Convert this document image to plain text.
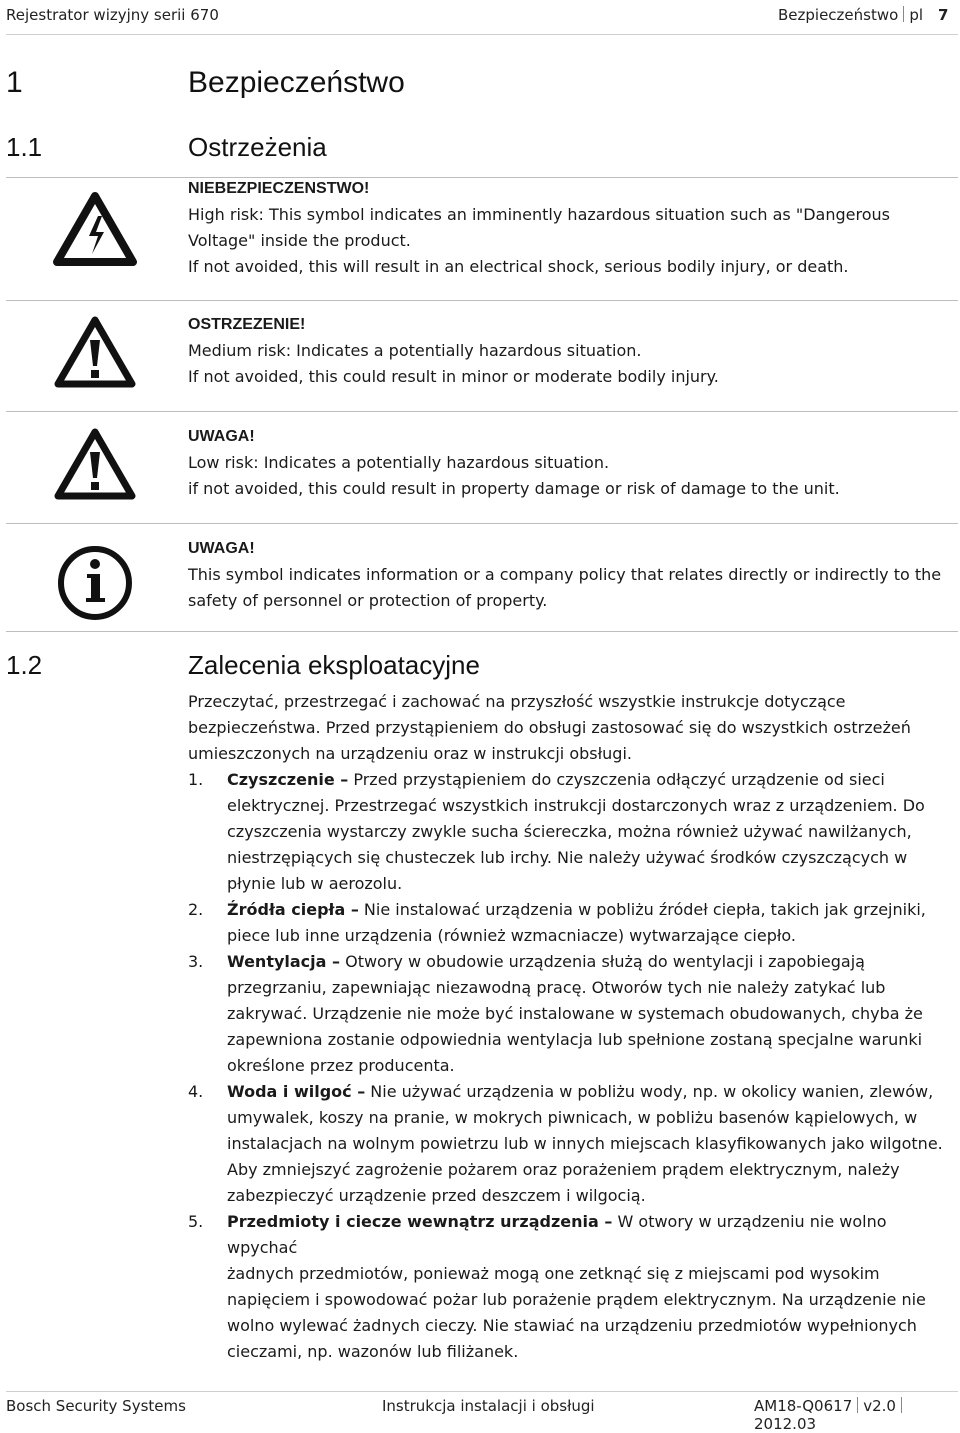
Rejestrator wizyjny serii 670	Bezpieczeństwo pl 7
1	Bezpieczeństwo
1.1	Ostrzeżenia
NIEBEZPIECZENSTWO!
High risk: This symbol indicates an imminently hazardous situation such as "Dangerous
Voltage" inside the product.
If not avoided, this will result in an electrical shock, serious bodily injury, or death.
OSTRZEZENIE!
Medium risk: Indicates a potentially hazardous situation.
If not avoided, this could result in minor or moderate bodily injury.
UWAGA!
Low risk: Indicates a potentially hazardous situation.
if not avoided, this could result in property damage or risk of damage to the unit.
UWAGA!
This symbol indicates information or a company policy that relates directly or indirectly to the
safety of personnel or protection of property.
1.2	Zalecenia eksploatacyjne
Przeczytać, przestrzegać i zachować na przyszłość wszystkie instrukcje dotyczące
bezpieczeństwa. Przed przystąpieniem do obsługi zastosować się do wszystkich ostrzeżeń
umieszczonych na urządzeniu oraz w instrukcji obsługi.
1. Czyszczenie – Przed przystąpieniem do czyszczenia odłączyć urządzenie od sieci
elektrycznej. Przestrzegać wszystkich instrukcji dostarczonych wraz z urządzeniem. Do
czyszczenia wystarczy zwykle sucha ściereczka, można również używać nawilżanych,
niestrzępiących się chusteczek lub irchy. Nie należy używać środków czyszczących w
płynie lub w aerozolu.
2. Źródła ciepła – Nie instalować urządzenia w pobliżu źródeł ciepła, takich jak grzejniki,
piece lub inne urządzenia (również wzmacniacze) wytwarzające ciepło.
3. Wentylacja – Otwory w obudowie urządzenia służą do wentylacji i zapobiegają
przegrzaniu, zapewniając niezawodną pracę. Otworów tych nie należy zatykać lub
zakrywać. Urządzenie nie może być instalowane w systemach obudowanych, chyba że
zapewniona zostanie odpowiednia wentylacja lub spełnione zostaną specjalne warunki
określone przez producenta.
4. Woda i wilgoć – Nie używać urządzenia w pobliżu wody, np. w okolicy wanien, zlewów,
umywalek, koszy na pranie, w mokrych piwnicach, w pobliżu basenów kąpielowych, w
instalacjach na wolnym powietrzu lub w innych miejscach klasyfikowanych jako wilgotne.
Aby zmniejszyć zagrożenie pożarem oraz porażeniem prądem elektrycznym, należy
zabezpieczyć urządzenie przed deszczem i wilgocią.
5. Przedmioty i ciecze wewnątrz urządzenia – W otwory w urządzeniu nie wolno wpychać
żadnych przedmiotów, ponieważ mogą one zetknąć się z miejscami pod wysokim
napięciem i spowodować pożar lub porażenie prądem elektrycznym. Na urządzenie nie
wolno wylewać żadnych cieczy. Nie stawiać na urządzeniu przedmiotów wypełnionych
cieczami, np. wazonów lub filiżanek.
Bosch Security Systems	Instrukcja instalacji i obsługi	AM18-Q0617 v2.02012.03
